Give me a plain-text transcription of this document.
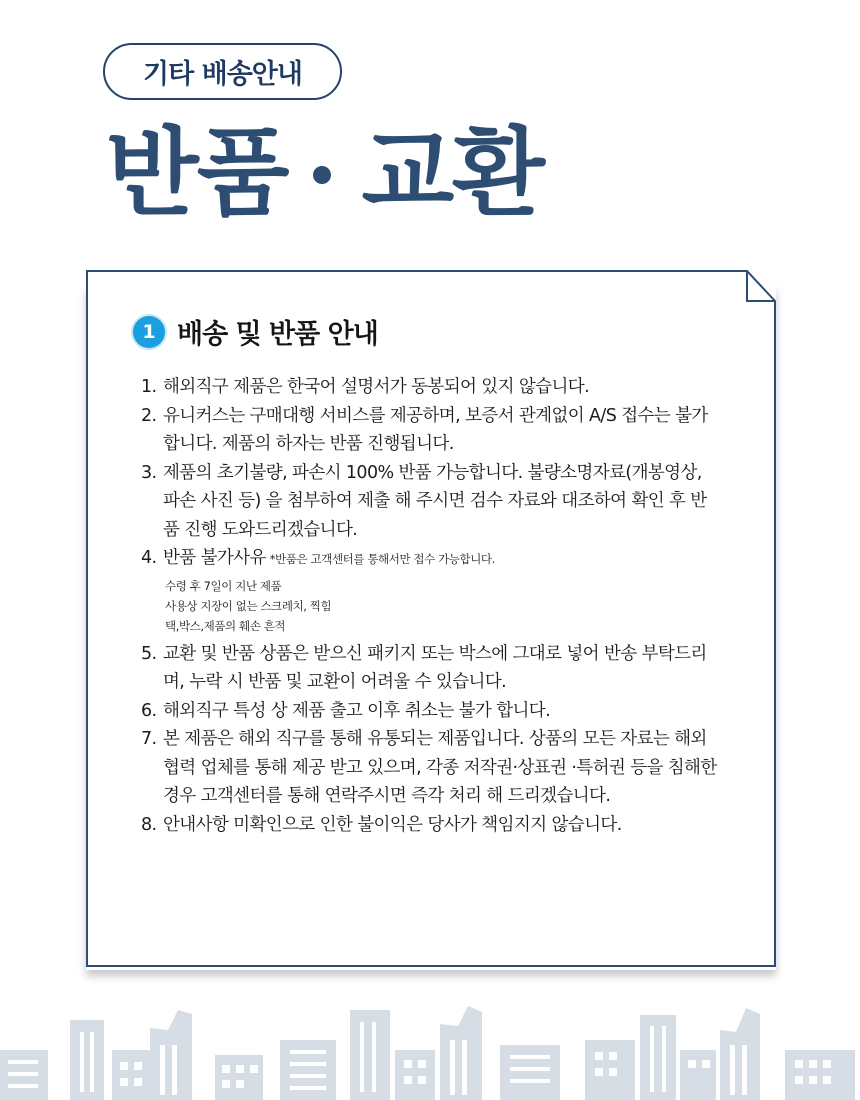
기타 배송안내
반품 교환
1 배송 및 반품 안내
1. 해외직구 제품은 한국어 설명서가 동봉되어 있지 않습니다.
2. 유니커스는 구매대행 서비스를 제공하며, 보증서 관계없이 A/S 접수는 불가합니다. 제품의 하자는 반품 진행됩니다.
3. 제품의 초기불량, 파손시 100% 반품 가능합니다. 불량소명자료(개봉영상, 파손 사진 등) 을 첨부하여 제출 해 주시면 검수 자료와 대조하여 확인 후 반품 진행 도와드리겠습니다.
4. 반품 불가사유 *반품은 고객센터를 통해서만 접수 가능합니다.
수령 후 7일이 지난 제품
사용상 지장이 없는 스크레치, 찍힘
택,박스,제품의 훼손 흔적
5. 교환 및 반품 상품은 받으신 패키지 또는 박스에 그대로 넣어 반송 부탁드리며, 누락 시 반품 및 교환이 어려울 수 있습니다.
6. 해외직구 특성 상 제품 출고 이후 취소는 불가 합니다.
7. 본 제품은 해외 직구를 통해 유통되는 제품입니다. 상품의 모든 자료는 해외 협력 업체를 통해 제공 받고 있으며, 각종 저작권·상표권 ·특허권 등을 침해한 경우 고객센터를 통해 연락주시면 즉각 처리 해 드리겠습니다.
8. 안내사항 미확인으로 인한 불이익은 당사가 책임지지 않습니다.
